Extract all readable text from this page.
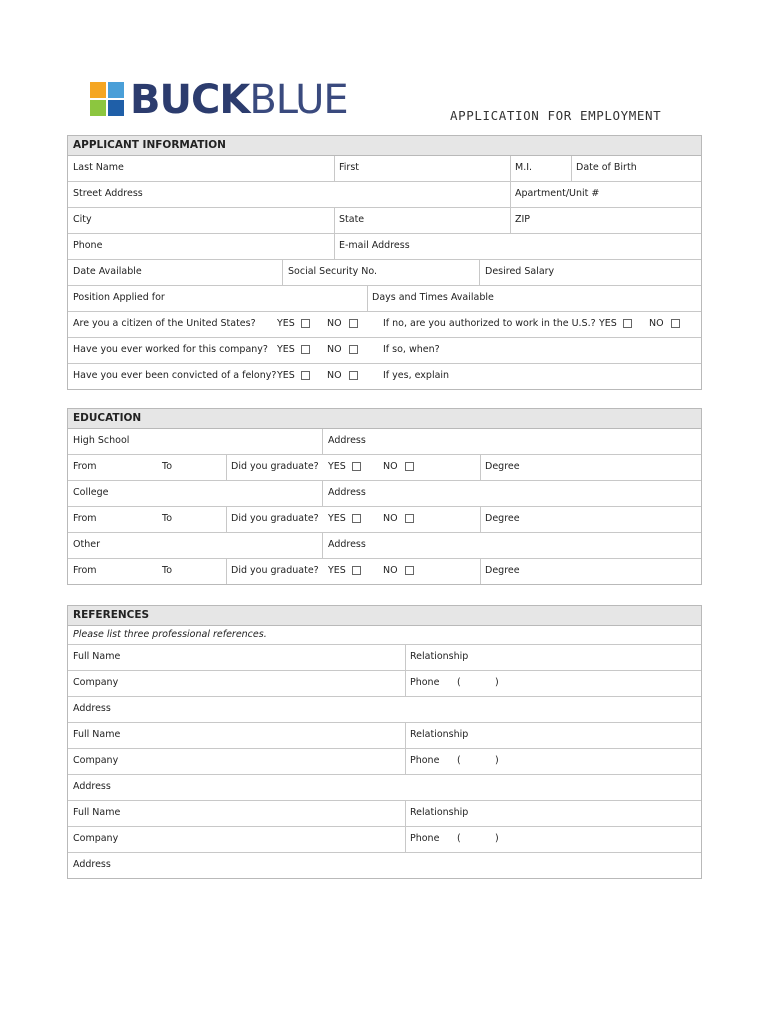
BUCKBLUE	APPLICATION FOR EMPLOYMENT
APPLICANT INFORMATION
Last Name	First	M.I.	Date of Birth
Street Address	Apartment/Unit #
City	State	ZIP
Phone	E-mail Address
Date Available	Social Security No.	Desired Salary
Position Applied for	Days and Times Available
Are you a citizen of the United States? YES	NO	If no, are you authorized to work in the U.S.? YES	NO
Have you ever worked for this company? YES	NO	If so, when?
Have you ever been convicted of a felony? YES	NO	If yes, explain
EDUCATION
High School	Address
From	To	Did you graduate? YES	NO	Degree
College	Address
From	To	Did you graduate? YES	NO	Degree
Other	Address
From	To	Did you graduate? YES	NO	Degree
REFERENCES
Please list three professional references.
Full Name	Relationship
Company	Phone (	)
Address
Full Name	Relationship
Company	Phone (	)
Address
Full Name	Relationship
Company	Phone (	)
Address
